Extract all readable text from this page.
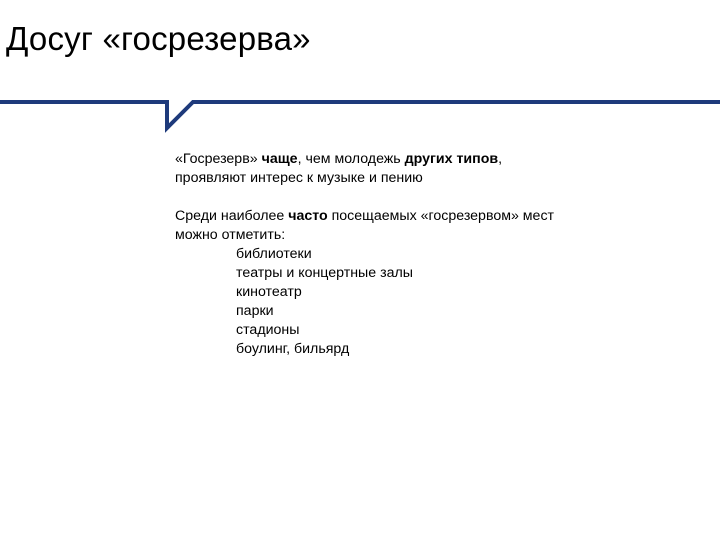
Досуг «госрезерва»

«Госрезерв» чаще, чем молодежь других типов, проявляют интерес к музыке и пению

Среди наиболее часто посещаемых «госрезервом» мест можно отметить:

библиотеки
театры и концертные залы
кинотеатр
парки
стадионы
боулинг, бильярд
